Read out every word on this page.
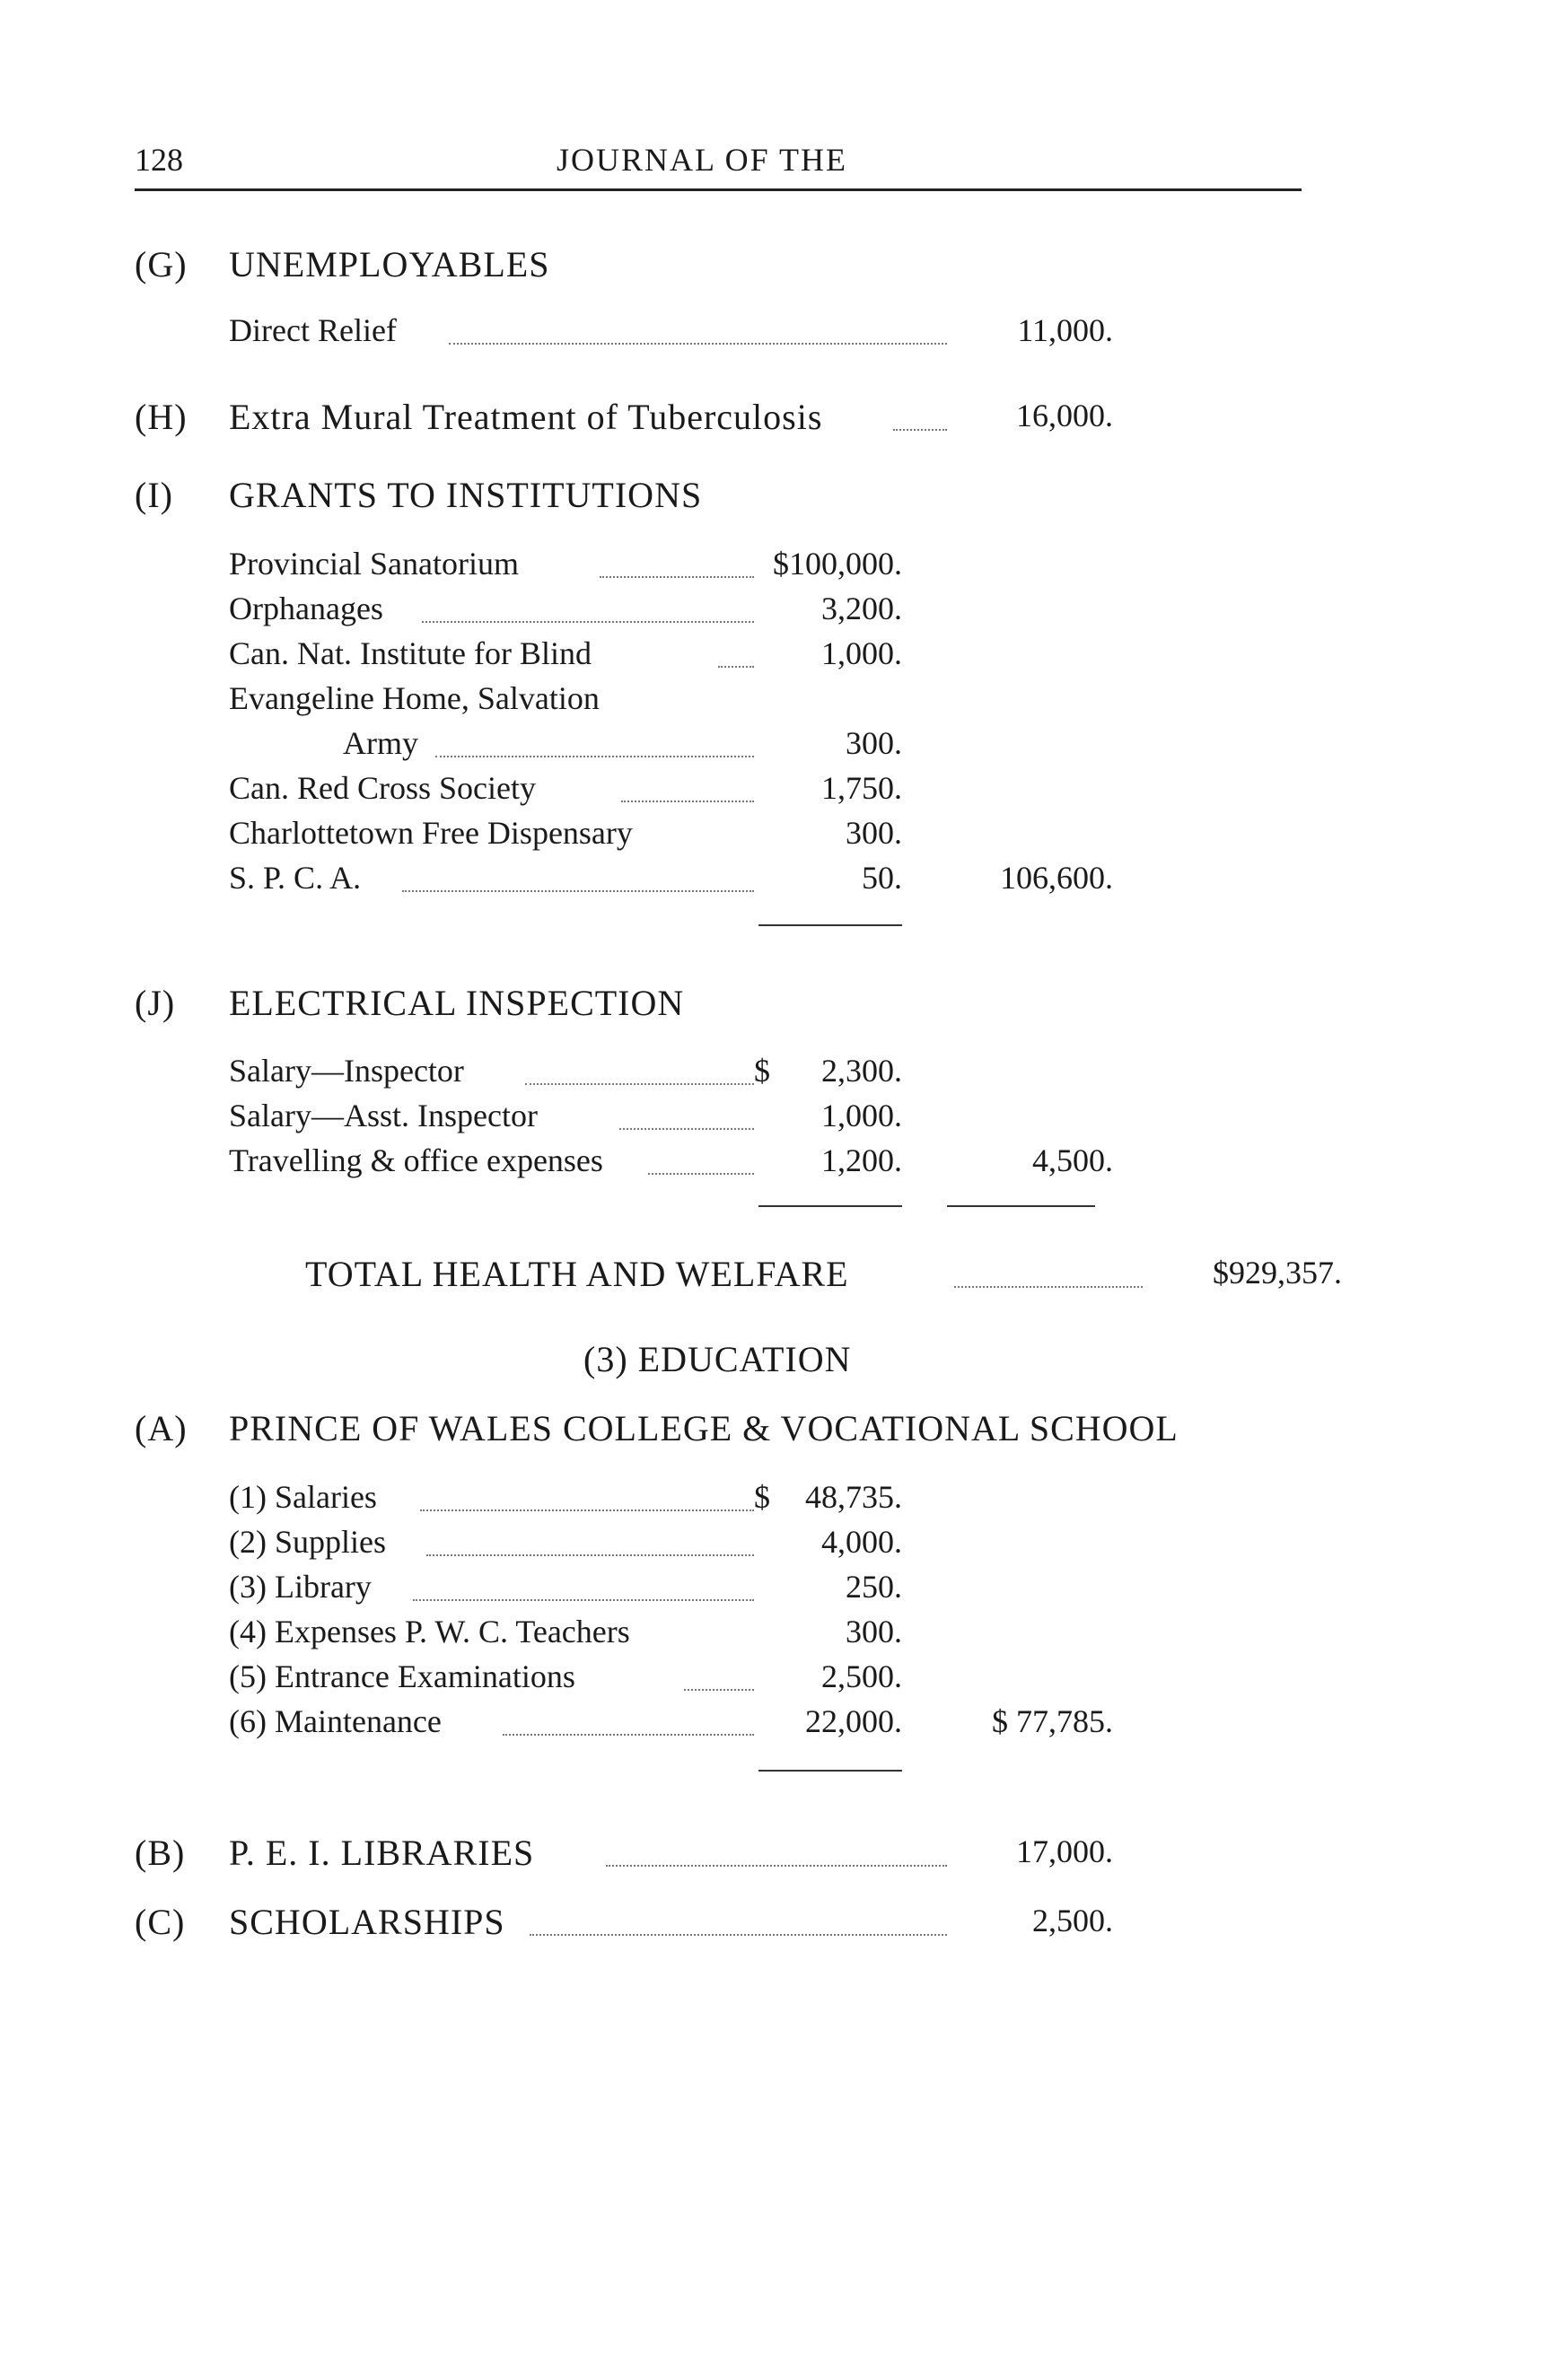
128	JOURNAL OF THE
(G) UNEMPLOYABLES
Direct Relief	11,000.
(H) Extra Mural Treatment of Tuberculosis	16,000.
(I) GRANTS TO INSTITUTIONS
Provincial Sanatorium	$100,000.
Orphanages	3,200.
Can. Nat. Institute for Blind	1,000.
Evangeline Home, Salvation
Army	300.
Can. Red Cross Society	1,750.
Charlottetown Free Dispensary	300.
S. P. C. A.	50.	106,600.
(J) ELECTRICAL INSPECTION
Salary—Inspector	$	2,300.
Salary—Asst. Inspector	1,000.
Travelling & office expenses	1,200.	4,500.
TOTAL HEALTH AND WELFARE	$929,357.
(3) EDUCATION
(A) PRINCE OF WALES COLLEGE & VOCATIONAL SCHOOL
(1) Salaries	$	48,735.
(2) Supplies	4,000.
(3) Library	250.
(4) Expenses P. W. C. Teachers	300.
(5) Entrance Examinations	2,500.
(6) Maintenance	22,000.	$ 77,785.
(B) P. E. I. LIBRARIES	17,000.
(C) SCHOLARSHIPS	2,500.
